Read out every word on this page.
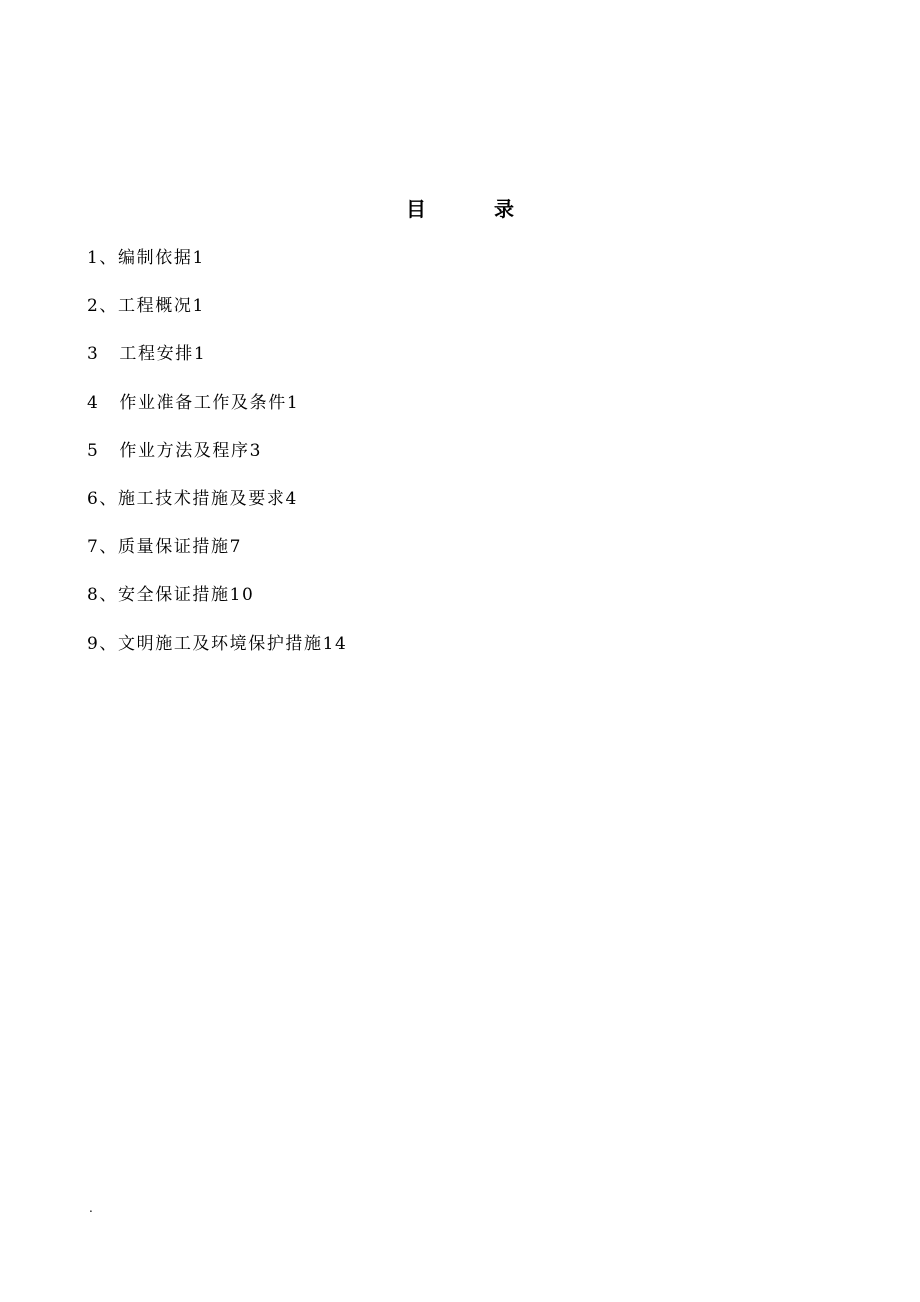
目录
1、编制依据1
2、工程概况1
3 工程安排1
4 作业准备工作及条件1
5 作业方法及程序3
6、施工技术措施及要求4
7、质量保证措施7
8、安全保证措施10
9、文明施工及环境保护措施14
.
